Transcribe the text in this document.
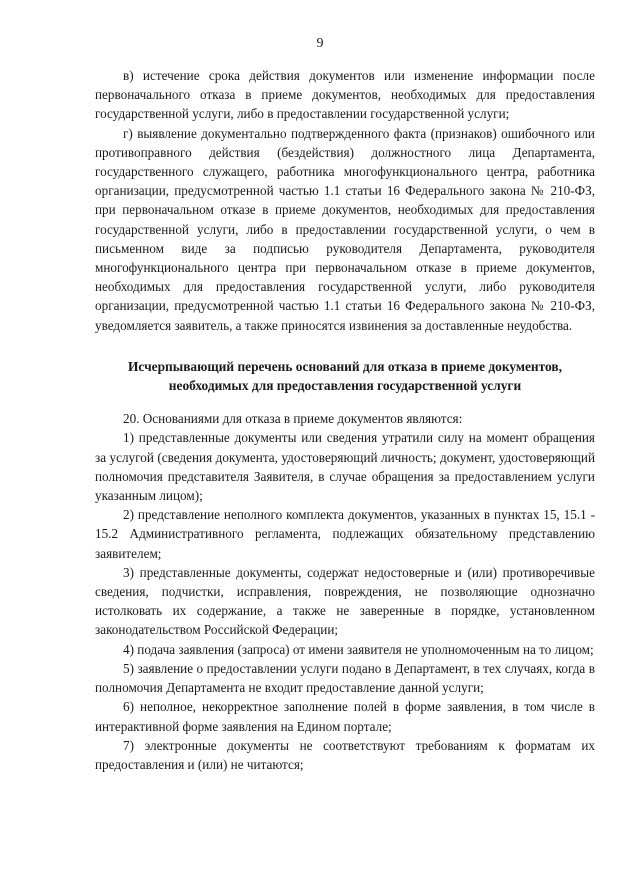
9

в) истечение срока действия документов или изменение информации после первоначального отказа в приеме документов, необходимых для предоставления государственной услуги, либо в предоставлении государственной услуги;

г) выявление документально подтвержденного факта (признаков) ошибочного или противоправного действия (бездействия) должностного лица Департамента, государственного служащего, работника многофункционального центра, работника организации, предусмотренной частью 1.1 статьи 16 Федерального закона № 210-ФЗ, при первоначальном отказе в приеме документов, необходимых для предоставления государственной услуги, либо в предоставлении государственной услуги, о чем в письменном виде за подписью руководителя Департамента, руководителя многофункционального центра при первоначальном отказе в приеме документов, необходимых для предоставления государственной услуги, либо руководителя организации, предусмотренной частью 1.1 статьи 16 Федерального закона № 210-ФЗ, уведомляется заявитель, а также приносятся извинения за доставленные неудобства.

Исчерпывающий перечень оснований для отказа в приеме документов, необходимых для предоставления государственной услуги

20. Основаниями для отказа в приеме документов являются:

1) представленные документы или сведения утратили силу на момент обращения за услугой (сведения документа, удостоверяющий личность; документ, удостоверяющий полномочия представителя Заявителя, в случае обращения за предоставлением услуги указанным лицом);

2) представление неполного комплекта документов, указанных в пунктах 15, 15.1 - 15.2 Административного регламента, подлежащих обязательному представлению заявителем;

3) представленные документы, содержат недостоверные и (или) противоречивые сведения, подчистки, исправления, повреждения, не позволяющие однозначно истолковать их содержание, а также не заверенные в порядке, установленном законодательством Российской Федерации;

4) подача заявления (запроса) от имени заявителя не уполномоченным на то лицом;

5) заявление о предоставлении услуги подано в Департамент, в тех случаях, когда в полномочия Департамента не входит предоставление данной услуги;

6) неполное, некорректное заполнение полей в форме заявления, в том числе в интерактивной форме заявления на Едином портале;

7) электронные документы не соответствуют требованиям к форматам их предоставления и (или) не читаются;
